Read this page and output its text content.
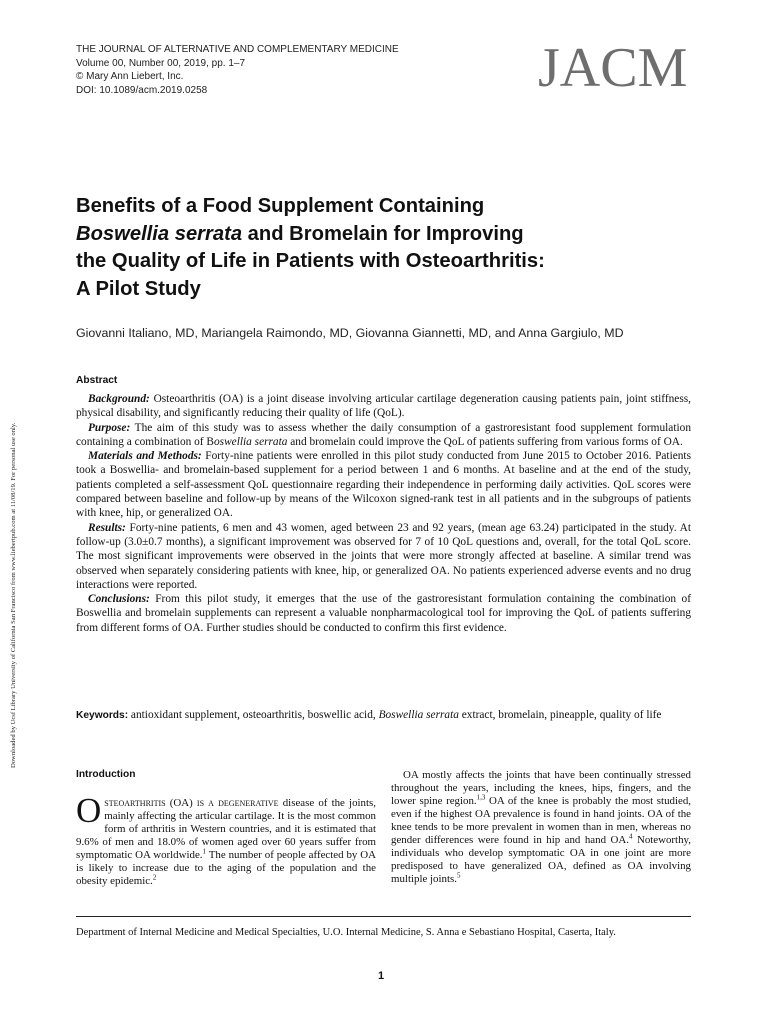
Downloaded by Ucsf Library University of California San Francisco from www.liebertpub.com at 11/08/19. For personal use only.
THE JOURNAL OF ALTERNATIVE AND COMPLEMENTARY MEDICINE
Volume 00, Number 00, 2019, pp. 1–7
© Mary Ann Liebert, Inc.
DOI: 10.1089/acm.2019.0258	JACM
Benefits of a Food Supplement Containing
Boswellia serrata and Bromelain for Improving
the Quality of Life in Patients with Osteoarthritis:
A Pilot Study
Giovanni Italiano, MD, Mariangela Raimondo, MD, Giovanna Giannetti, MD, and Anna Gargiulo, MD
Abstract

Background: Osteoarthritis (OA) is a joint disease involving articular cartilage degeneration causing patients pain, joint stiffness, physical disability, and significantly reducing their quality of life (QoL).

Purpose: The aim of this study was to assess whether the daily consumption of a gastroresistant food supplement formulation containing a combination of Boswellia serrata and bromelain could improve the QoL of patients suffering from various forms of OA.

Materials and Methods: Forty-nine patients were enrolled in this pilot study conducted from June 2015 to October 2016. Patients took a Boswellia- and bromelain-based supplement for a period between 1 and 6 months. At baseline and at the end of the study, patients completed a self-assessment QoL questionnaire regarding their independence in performing daily activities. QoL scores were compared between baseline and follow-up by means of the Wilcoxon signed-rank test in all patients and in the subgroups of patients with knee, hip, or generalized OA.

Results: Forty-nine patients, 6 men and 43 women, aged between 23 and 92 years, (mean age 63.24) participated in the study. At follow-up (3.0±0.7 months), a significant improvement was observed for 7 of 10 QoL questions and, overall, for the total QoL score. The most significant improvements were observed in the joints that were more strongly affected at baseline. A similar trend was observed when separately considering patients with knee, hip, or generalized OA. No patients experienced adverse events and no drug interactions were reported.

Conclusions: From this pilot study, it emerges that the use of the gastroresistant formulation containing the combination of Boswellia and bromelain supplements can represent a valuable nonpharmacological tool for improving the QoL of patients suffering from different forms of OA. Further studies should be conducted to confirm this first evidence.

Keywords: antioxidant supplement, osteoarthritis, boswellic acid, Boswellia serrata extract, bromelain, pineapple, quality of life
Introduction

Osteoarthritis (OA) is a degenerative disease of the joints, mainly affecting the articular cartilage. It is the most common form of arthritis in Western countries, and it is estimated that 9.6% of men and 18.0% of women aged over 60 years suffer from symptomatic OA worldwide.$^1$ The number of people affected by OA is likely to increase due to the aging of the population and the obesity epidemic.$^2$

OA mostly affects the joints that have been continually stressed throughout the years, including the knees, hips, fingers, and the lower spine region.$^{1,3}$ OA of the knee is probably the most studied, even if the highest OA prevalence is found in hand joints. OA of the knee tends to be more prevalent in women than in men, whereas no gender differences were found in hip and hand OA.$^4$ Noteworthy, individuals who develop symptomatic OA in one joint are more predisposed to have generalized OA, defined as OA involving multiple joints.$^5$

Department of Internal Medicine and Medical Specialties, U.O. Internal Medicine, S. Anna e Sebastiano Hospital, Caserta, Italy.
1
